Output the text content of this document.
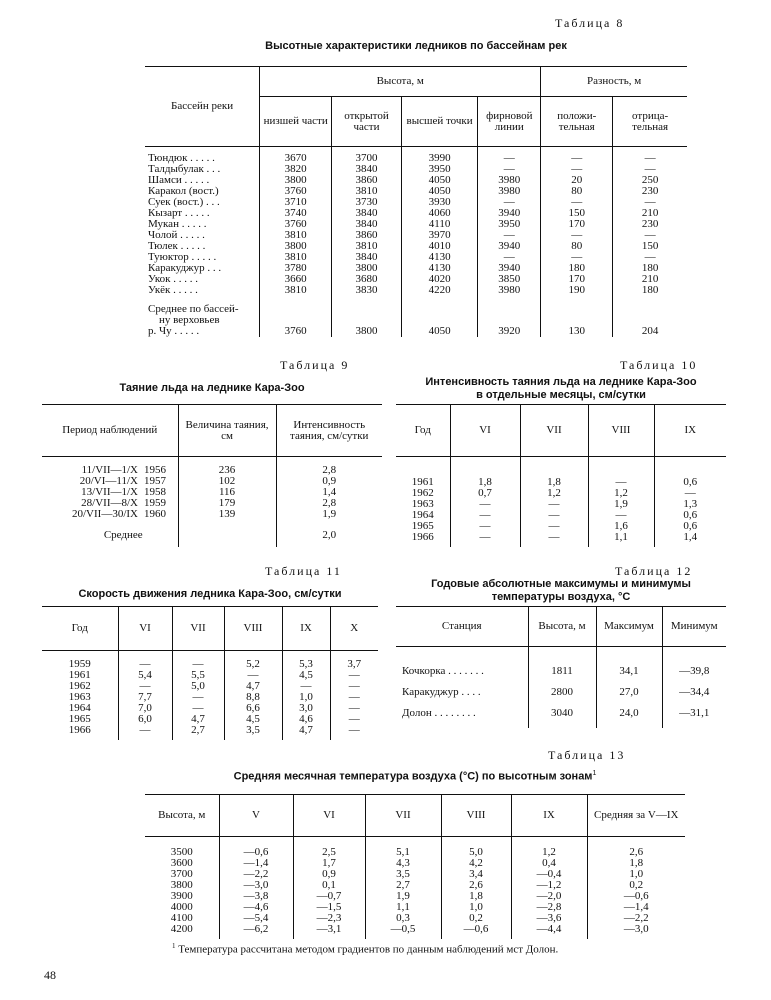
Таблица 8
Высотные характеристики ледников по бассейнам рек
Бассейн реки	Высота, м				Разность, м	
	низшей части	открытой части	высшей точки	фирновой линии	положи-тельная	отрица-тельная

Тюндюк . . . . .	3670	3700	3990	—	—	—
Талдыбулак . . .	3820	3840	3950	—	—	—
Шамси . . . . .	3800	3860	4050	3980	20	250
Каракол (вост.)	3760	3810	4050	3980	80	230
Суек (вост.) . . .	3710	3730	3930	—	—	—
Кызарт . . . . .	3740	3840	4060	3940	150	210
Мукан . . . . .	3760	3840	4110	3950	170	230
Чолой . . . . .	3810	3860	3970	—	—	—
Тюлек . . . . .	3800	3810	4010	3940	80	150
Туюктор . . . . .	3810	3840	4130	—	—	—
Каракуджур . . .	3780	3800	4130	3940	180	180
Укок . . . . .	3660	3680	4020	3850	170	210
Укёк . . . . .	3810	3830	4220	3980	190	180

Среднее по бассей-						
ну верховьев						
р. Чу . . . . .	3760	3800	4050	3920	130	204
Таблица 9
Таяние льда на леднике Кара-Зоо
Период наблюдений	Величина таяния, см	Интенсивность таяния, см/сутки

11/VII—1/X 1956	236	2,8
20/VI—11/X 1957	102	0,9
13/VII—1/X 1958	116	1,4
28/VII—8/X 1959	179	2,8
20/VII—30/IX 1960	139	1,9

Среднее		2,0

Таблица 10
Интенсивность таяния льда на леднике Кара-Зоо
в отдельные месяцы, см/сутки
Год	VI	VII	VIII	IX

1961	1,8	1,8	—	0,6
1962	0,7	1,2	1,2	—
1963	—	—	1,9	1,3
1964	—	—	—	0,6
1965	—	—	1,6	0,6
1966	—	—	1,1	1,4

Таблица 11
Скорость движения ледника Кара-Зоо, см/сутки
Год	VI	VII	VIII	IX	X

1959	—	—	5,2	5,3	3,7
1961	5,4	5,5	—	4,5	—
1962	—	5,0	4,7	—	—
1963	7,7	—	8,8	1,0	—
1964	7,0	—	6,6	3,0	—
1965	6,0	4,7	4,5	4,6	—
1966	—	2,7	3,5	4,7	—

Таблица 12
Годовые абсолютные максимумы и минимумы
температуры воздуха, °С
Станция	Высота, м	Максимум	Минимум

Кочкорка . . . . . . .	1811	34,1	—39,8
Каракуджур . . . .	2800	27,0	—34,4
Долон . . . . . . . .	3040	24,0	—31,1

Таблица 13
Средняя месячная температура воздуха (°С) по высотным зонам$^1$
Высота, м	V	VI	VII	VIII	IX	Средняя за V—IX

3500	—0,6	2,5	5,1	5,0	1,2	2,6
3600	—1,4	1,7	4,3	4,2	0,4	1,8
3700	—2,2	0,9	3,5	3,4	—0,4	1,0
3800	—3,0	0,1	2,7	2,6	—1,2	0,2
3900	—3,8	—0,7	1,9	1,8	—2,0	—0,6
4000	—4,6	—1,5	1,1	1,0	—2,8	—1,4
4100	—5,4	—2,3	0,3	0,2	—3,6	—2,2
4200	—6,2	—3,1	—0,5	—0,6	—4,4	—3,0

$^1$ Температура рассчитана методом градиентов по данным наблюдений мст Долон.
48
